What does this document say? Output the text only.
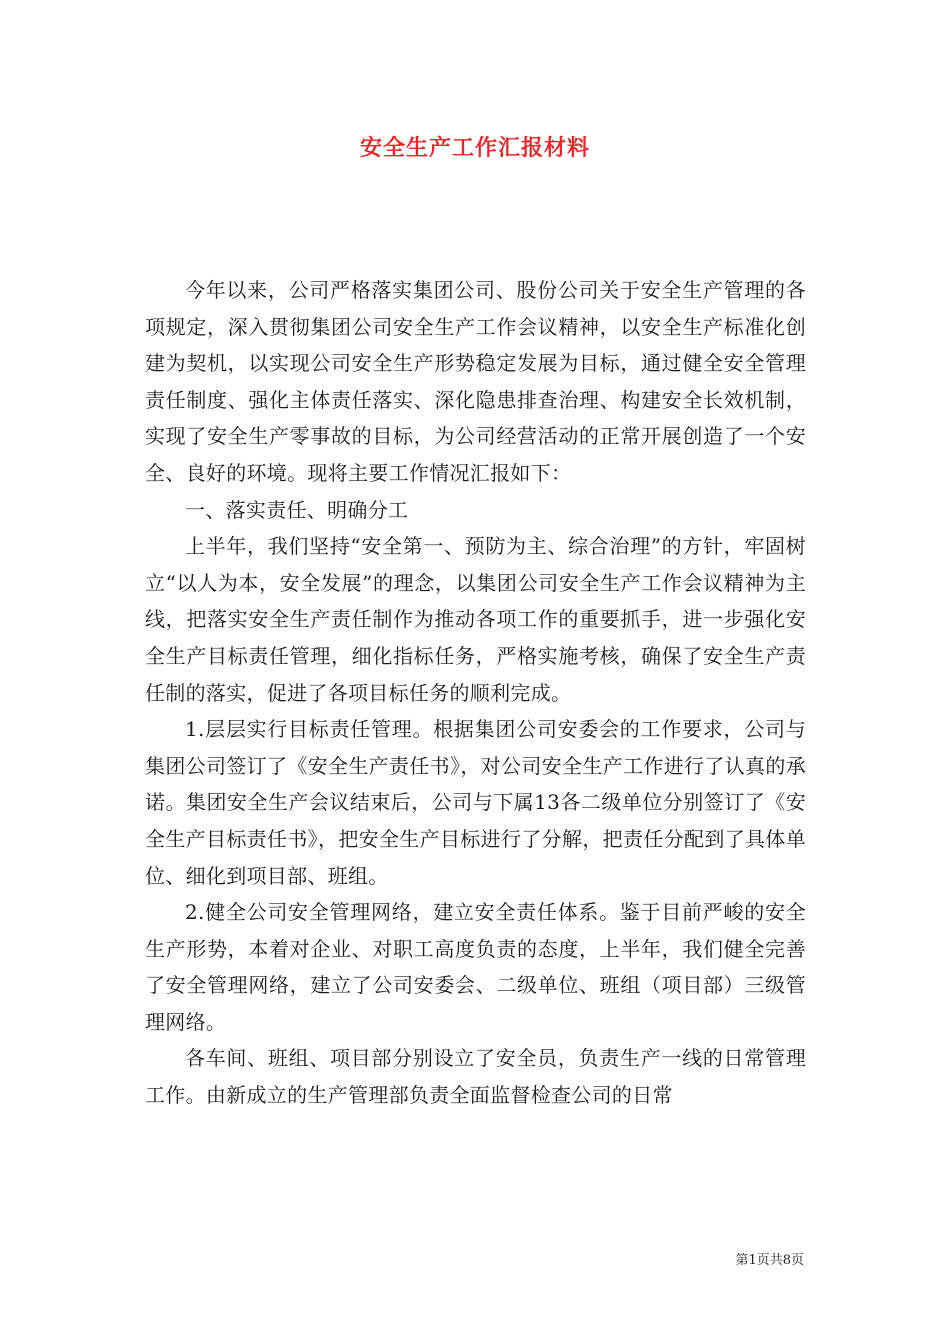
安全生产工作汇报材料

今年以来，公司严格落实集团公司、股份公司关于安全生产管理的各项规定，深入贯彻集团公司安全生产工作会议精神，以安全生产标准化创建为契机，以实现公司安全生产形势稳定发展为目标，通过健全安全管理责任制度、强化主体责任落实、深化隐患排查治理、构建安全长效机制，实现了安全生产零事故的目标，为公司经营活动的正常开展创造了一个安全、良好的环境。现将主要工作情况汇报如下：

一、落实责任、明确分工

上半年，我们坚持“安全第一、预防为主、综合治理”的方针，牢固树立“以人为本，安全发展”的理念，以集团公司安全生产工作会议精神为主线，把落实安全生产责任制作为推动各项工作的重要抓手，进一步强化安全生产目标责任管理，细化指标任务，严格实施考核，确保了安全生产责任制的落实，促进了各项目标任务的顺利完成。

1.层层实行目标责任管理。根据集团公司安委会的工作要求，公司与集团公司签订了《安全生产责任书》，对公司安全生产工作进行了认真的承诺。集团安全生产会议结束后，公司与下属13各二级单位分别签订了《安全生产目标责任书》，把安全生产目标进行了分解，把责任分配到了具体单位、细化到项目部、班组。

2.健全公司安全管理网络，建立安全责任体系。鉴于目前严峻的安全生产形势，本着对企业、对职工高度负责的态度，上半年，我们健全完善了安全管理网络，建立了公司安委会、二级单位、班组（项目部）三级管理网络。

各车间、班组、项目部分别设立了安全员，负责生产一线的日常管理工作。由新成立的生产管理部负责全面监督检查公司的日常

第1页共8页
